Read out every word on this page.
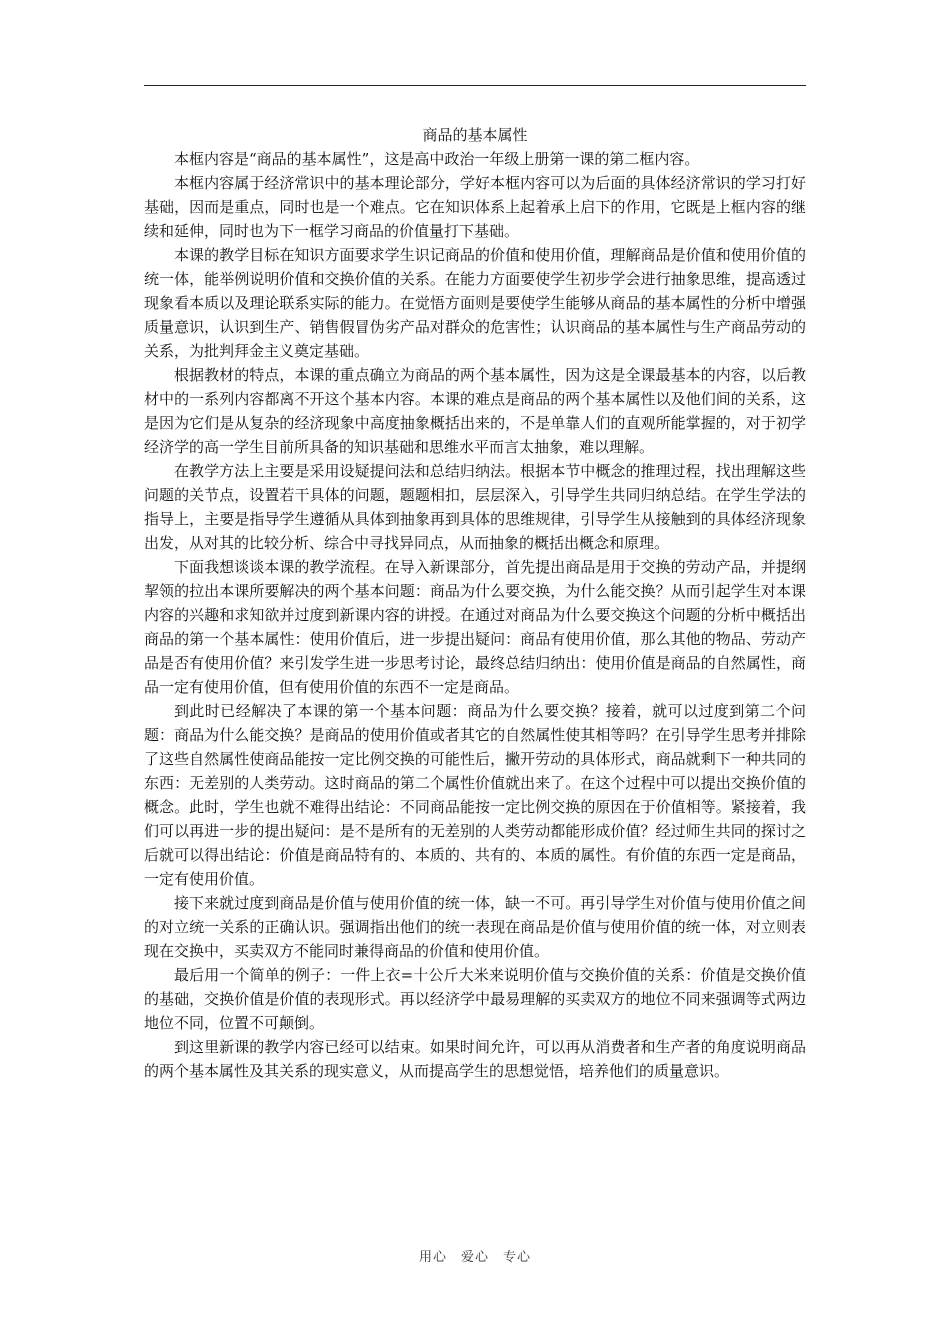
商品的基本属性

本框内容是“商品的基本属性”，这是高中政治一年级上册第一课的第二框内容。

本框内容属于经济常识中的基本理论部分，学好本框内容可以为后面的具体经济常识的学习打好基础，因而是重点，同时也是一个难点。它在知识体系上起着承上启下的作用，它既是上框内容的继续和延伸，同时也为下一框学习商品的价值量打下基础。

本课的教学目标在知识方面要求学生识记商品的价值和使用价值，理解商品是价值和使用价值的统一体，能举例说明价值和交换价值的关系。在能力方面要使学生初步学会进行抽象思维，提高透过现象看本质以及理论联系实际的能力。在觉悟方面则是要使学生能够从商品的基本属性的分析中增强质量意识，认识到生产、销售假冒伪劣产品对群众的危害性；认识商品的基本属性与生产商品劳动的关系，为批判拜金主义奠定基础。

根据教材的特点，本课的重点确立为商品的两个基本属性，因为这是全课最基本的内容，以后教材中的一系列内容都离不开这个基本内容。本课的难点是商品的两个基本属性以及他们间的关系，这是因为它们是从复杂的经济现象中高度抽象概括出来的，不是单靠人们的直观所能掌握的，对于初学经济学的高一学生目前所具备的知识基础和思维水平而言太抽象，难以理解。

在教学方法上主要是采用设疑提问法和总结归纳法。根据本节中概念的推理过程，找出理解这些问题的关节点，设置若干具体的问题，题题相扣，层层深入，引导学生共同归纳总结。在学生学法的指导上，主要是指导学生遵循从具体到抽象再到具体的思维规律，引导学生从接触到的具体经济现象出发，从对其的比较分析、综合中寻找异同点，从而抽象的概括出概念和原理。

下面我想谈谈本课的教学流程。在导入新课部分，首先提出商品是用于交换的劳动产品，并提纲挈领的拉出本课所要解决的两个基本问题：商品为什么要交换，为什么能交换？从而引起学生对本课内容的兴趣和求知欲并过度到新课内容的讲授。在通过对商品为什么要交换这个问题的分析中概括出商品的第一个基本属性：使用价值后，进一步提出疑问：商品有使用价值，那么其他的物品、劳动产品是否有使用价值？来引发学生进一步思考讨论，最终总结归纳出：使用价值是商品的自然属性，商品一定有使用价值，但有使用价值的东西不一定是商品。

到此时已经解决了本课的第一个基本问题：商品为什么要交换？接着，就可以过度到第二个问题：商品为什么能交换？是商品的使用价值或者其它的自然属性使其相等吗？在引导学生思考并排除了这些自然属性使商品能按一定比例交换的可能性后，撇开劳动的具体形式，商品就剩下一种共同的东西：无差别的人类劳动。这时商品的第二个属性价值就出来了。在这个过程中可以提出交换价值的概念。此时，学生也就不难得出结论：不同商品能按一定比例交换的原因在于价值相等。紧接着，我们可以再进一步的提出疑问：是不是所有的无差别的人类劳动都能形成价值？经过师生共同的探讨之后就可以得出结论：价值是商品特有的、本质的、共有的、本质的属性。有价值的东西一定是商品，一定有使用价值。

接下来就过度到商品是价值与使用价值的统一体，缺一不可。再引导学生对价值与使用价值之间的对立统一关系的正确认识。强调指出他们的统一表现在商品是价值与使用价值的统一体，对立则表现在交换中，买卖双方不能同时兼得商品的价值和使用价值。

最后用一个简单的例子：一件上衣=十公斤大米来说明价值与交换价值的关系：价值是交换价值的基础，交换价值是价值的表现形式。再以经济学中最易理解的买卖双方的地位不同来强调等式两边地位不同，位置不可颠倒。

到这里新课的教学内容已经可以结束。如果时间允许，可以再从消费者和生产者的角度说明商品的两个基本属性及其关系的现实意义，从而提高学生的思想觉悟，培养他们的质量意识。

用心　爱心　专心
